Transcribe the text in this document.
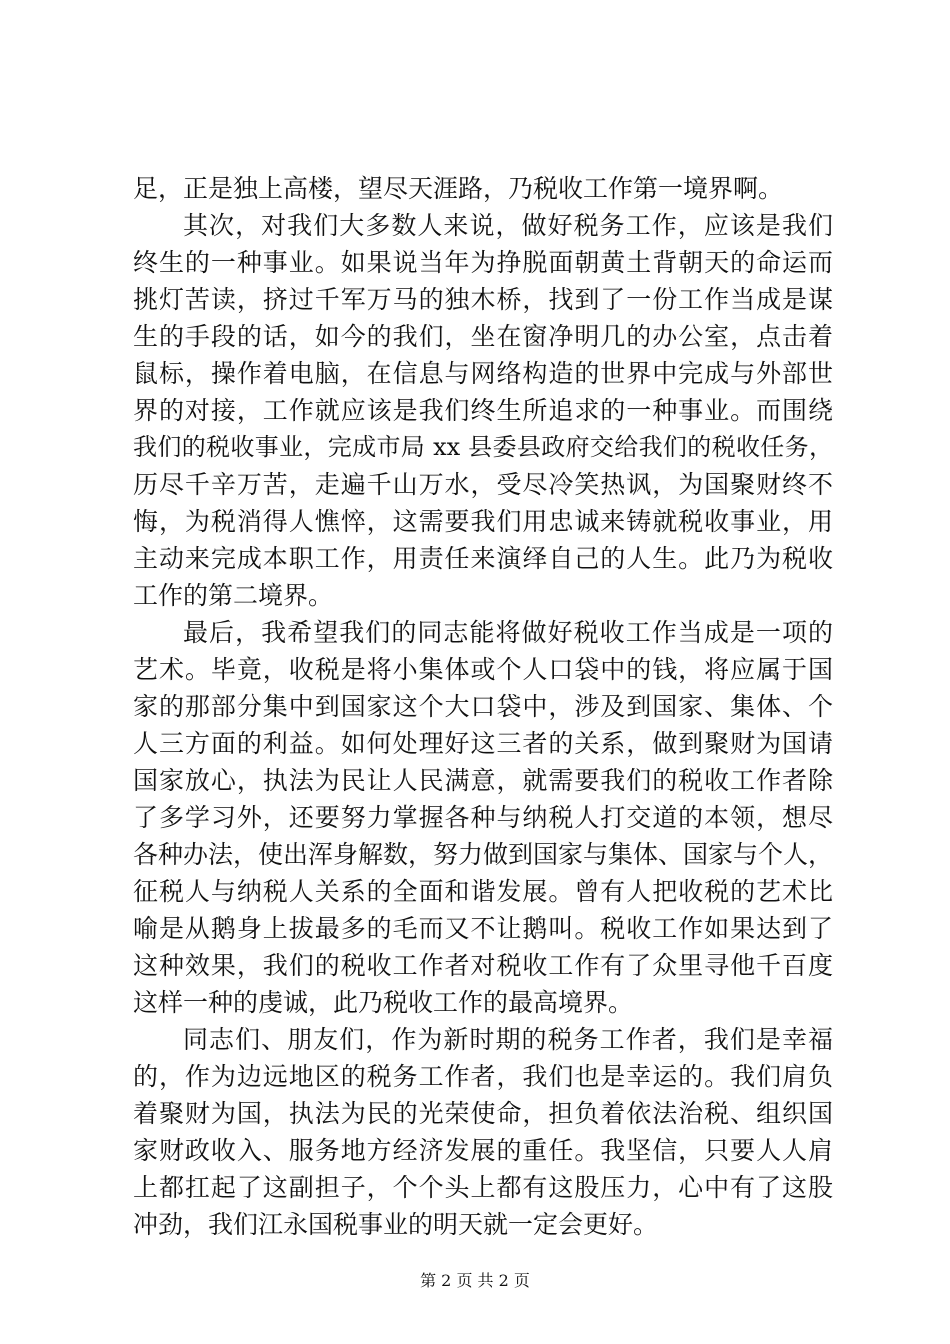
足，正是独上高楼，望尽天涯路，乃税收工作第一境界啊。
其次，对我们大多数人来说，做好税务工作，应该是我们
终生的一种事业。如果说当年为挣脱面朝黄土背朝天的命运而
挑灯苦读，挤过千军万马的独木桥，找到了一份工作当成是谋
生的手段的话，如今的我们，坐在窗净明几的办公室，点击着
鼠标，操作着电脑，在信息与网络构造的世界中完成与外部世
界的对接，工作就应该是我们终生所追求的一种事业。而围绕
我们的税收事业，完成市局 xx 县委县政府交给我们的税收任务，
历尽千辛万苦，走遍千山万水，受尽冷笑热讽，为国聚财终不
悔，为税消得人憔悴，这需要我们用忠诚来铸就税收事业，用
主动来完成本职工作，用责任来演绎自己的人生。此乃为税收
工作的第二境界。
最后，我希望我们的同志能将做好税收工作当成是一项的
艺术。毕竟，收税是将小集体或个人口袋中的钱，将应属于国
家的那部分集中到国家这个大口袋中，涉及到国家、集体、个
人三方面的利益。如何处理好这三者的关系，做到聚财为国请
国家放心，执法为民让人民满意，就需要我们的税收工作者除
了多学习外，还要努力掌握各种与纳税人打交道的本领，想尽
各种办法，使出浑身解数，努力做到国家与集体、国家与个人，
征税人与纳税人关系的全面和谐发展。曾有人把收税的艺术比
喻是从鹅身上拔最多的毛而又不让鹅叫。税收工作如果达到了
这种效果，我们的税收工作者对税收工作有了众里寻他千百度
这样一种的虔诚，此乃税收工作的最高境界。
同志们、朋友们，作为新时期的税务工作者，我们是幸福
的，作为边远地区的税务工作者，我们也是幸运的。我们肩负
着聚财为国，执法为民的光荣使命，担负着依法治税、组织国
家财政收入、服务地方经济发展的重任。我坚信，只要人人肩
上都扛起了这副担子，个个头上都有这股压力，心中有了这股
冲劲，我们江永国税事业的明天就一定会更好。
第 2 页 共 2 页
